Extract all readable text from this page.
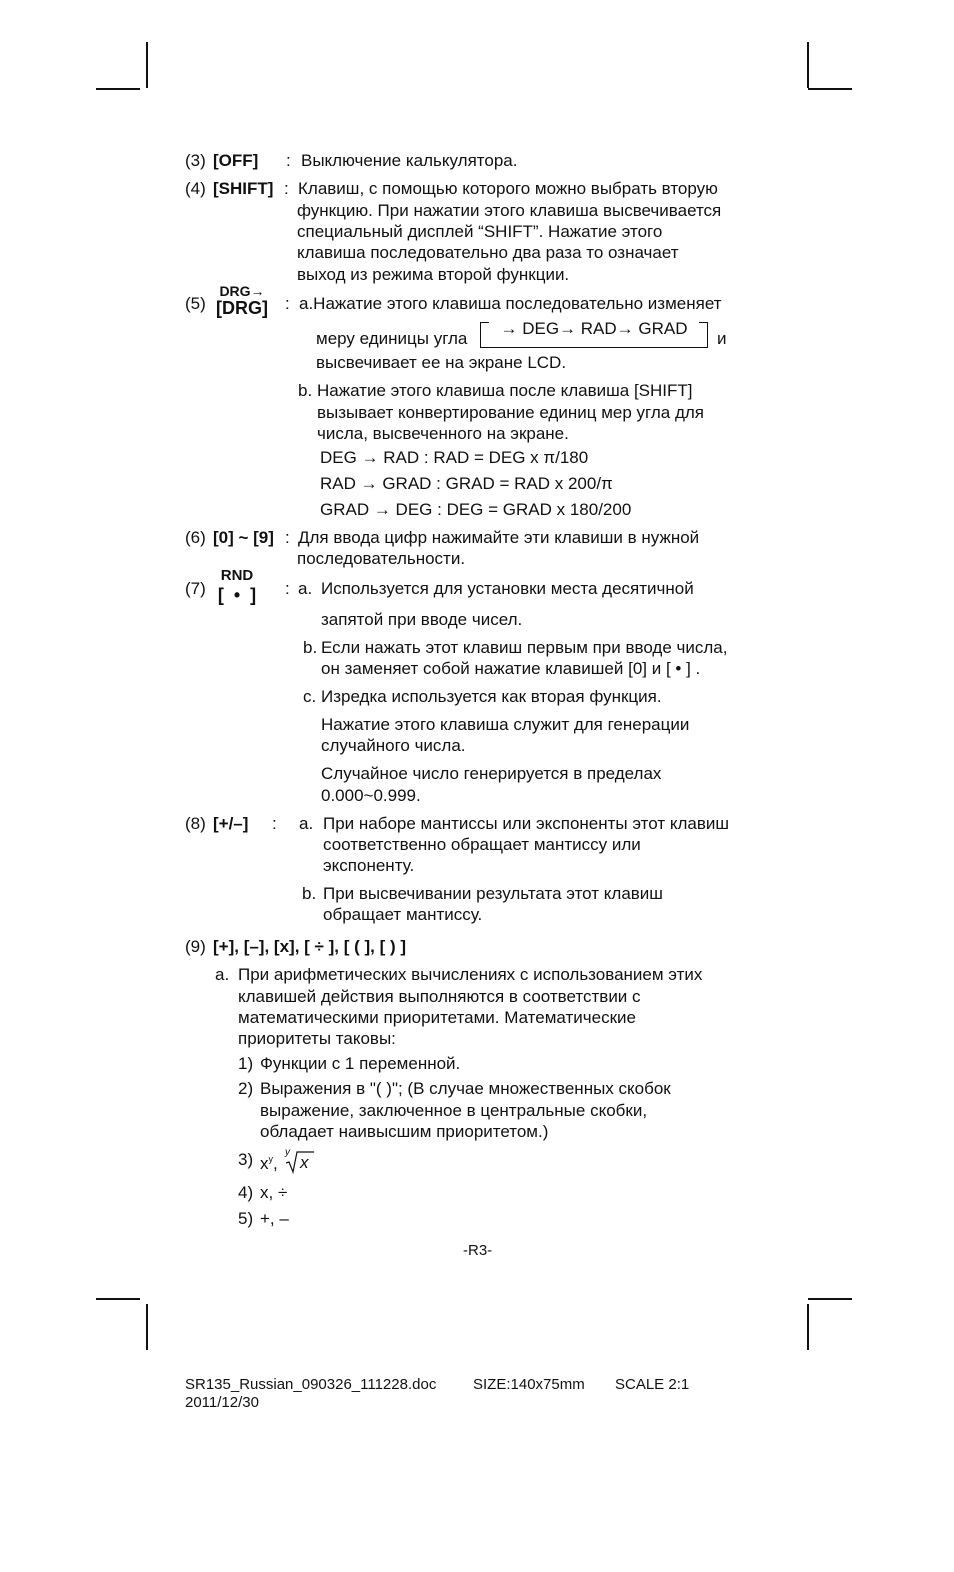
(3) [OFF] : Выключение калькулятора.
(4) [SHIFT] : Клавиш, с помощью которого можно выбрать вторую
функцию. При нажатии этого клавиша высвечивается
специальный дисплей “SHIFT”. Нажатие этого
клавиша последовательно два раза то означает
выход из режима второй функции.
(5)
DRG→
[DRG] : a.Нажатие этого клавиша последовательно изменяет
меру единицы угла
→ DEG→ RAD→ GRAD
и
высвечивает ее на экране LCD.
b. Нажатие этого клавиша после клавиша [SHIFT]
вызывает конвертирование единиц мер угла для
числа, высвеченного на экране.
DEG → RAD : RAD = DEG x π/180
RAD → GRAD : GRAD = RAD x 200/π
GRAD → DEG : DEG = GRAD x 180/200
(6) [0] ~ [9] : Для ввода цифр нажимайте эти клавиши в нужной
последовательности.
(7)
RND
[  •  ]	: a. Используется для установки места десятичной
запятой при вводе чисел.
b. Если нажать этот клавиш первым при вводе числа,
он заменяет собой нажатие клавишей [0] и [ • ] .
c. Изредка используется как вторая функция.
Нажатие этого клавиша служит для генерации
случайного числа.
Случайное число генерируется в пределах
0.000~0.999.
(8) [+/–] : a. При наборе мантиссы или экспоненты этот клавиш
соответственно обращает мантиссу или
экспоненту.
b. При высвечивании результата этот клавиш
обращает мантиссу.
(9) [+], [–], [x], [ ÷ ], [ ( ], [ ) ]
a. При арифметических вычислениях с использованием этих
клавишей действия выполняются в соответствии с
математическими приоритетами. Математические
приоритеты таковы:
1) Функции с 1 переменной.
2) Выражения в "( )"; (В случае множественных скобок
выражение, заключенное в центральные скобки,
обладает наивысшим приоритетом.)
3) $x^y$,
y
x
4) x, ÷
5) +, –
-R3-
SR135_Russian_090326_111228.doc SIZE:140x75mm SCALE 2:1
2011/12/30
